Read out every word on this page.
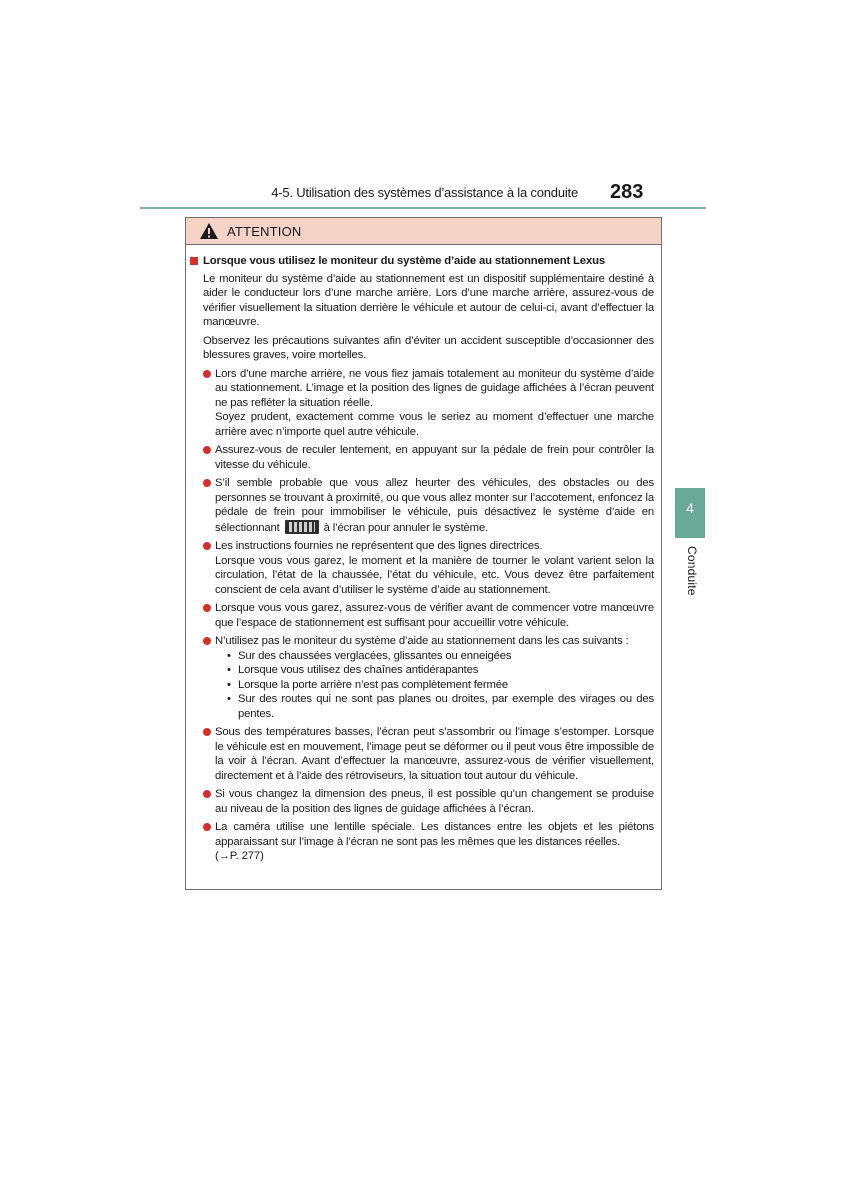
4-5. Utilisation des systèmes d’assistance à la conduite 283
4
Conduite
ATTENTION
Lorsque vous utilisez le moniteur du système d’aide au stationnement Lexus
Le moniteur du système d’aide au stationnement est un dispositif supplémentaire destiné à aider le conducteur lors d’une marche arrière. Lors d’une marche arrière, assurez-vous de vérifier visuellement la situation derrière le véhicule et autour de celui-ci, avant d’effectuer la manœuvre.
Observez les précautions suivantes afin d’éviter un accident susceptible d’occasionner des blessures graves, voire mortelles.
Lors d’une marche arrière, ne vous fiez jamais totalement au moniteur du système d’aide au stationnement. L’image et la position des lignes de guidage affichées à l’écran peuvent ne pas refléter la situation réelle.
Soyez prudent, exactement comme vous le seriez au moment d’effectuer une marche arrière avec n’importe quel autre véhicule.
Assurez-vous de reculer lentement, en appuyant sur la pédale de frein pour contrôler la vitesse du véhicule.
S’il semble probable que vous allez heurter des véhicules, des obstacles ou des personnes se trouvant à proximité, ou que vous allez monter sur l’accotement, enfoncez la pédale de frein pour immobiliser le véhicule, puis désactivez le système d’aide en sélectionnant	à l’écran pour annuler le système.
Les instructions fournies ne représentent que des lignes directrices.
Lorsque vous vous garez, le moment et la manière de tourner le volant varient selon la circulation, l’état de la chaussée, l’état du véhicule, etc. Vous devez être parfaitement conscient de cela avant d’utiliser le système d’aide au stationnement.
Lorsque vous vous garez, assurez-vous de vérifier avant de commencer votre manœuvre que l’espace de stationnement est suffisant pour accueillir votre véhicule.
N’utilisez pas le moniteur du système d’aide au stationnement dans les cas suivants :
• Sur des chaussées verglacées, glissantes ou enneigées
• Lorsque vous utilisez des chaînes antidérapantes
• Lorsque la porte arrière n’est pas complètement fermée
• Sur des routes qui ne sont pas planes ou droites, par exemple des virages ou des pentes.
Sous des températures basses, l’écran peut s’assombrir ou l’image s’estomper. Lorsque le véhicule est en mouvement, l’image peut se déformer ou il peut vous être impossible de la voir à l’écran. Avant d’effectuer la manœuvre, assurez-vous de vérifier visuellement, directement et à l’aide des rétroviseurs, la situation tout autour du véhicule.
Si vous changez la dimension des pneus, il est possible qu’un changement se produise au niveau de la position des lignes de guidage affichées à l’écran.
La caméra utilise une lentille spéciale. Les distances entre les objets et les piétons apparaissant sur l’image à l’écran ne sont pas les mêmes que les distances réelles.
(→P. 277)
